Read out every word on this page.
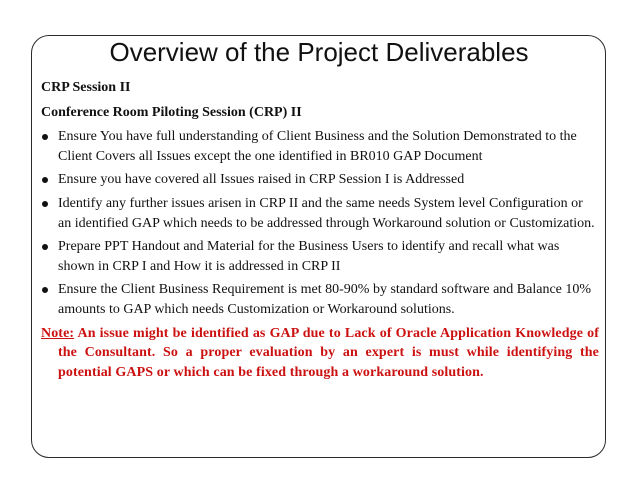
Overview of the Project Deliverables
CRP Session II
Conference Room Piloting Session (CRP) II
Ensure You have full understanding of Client Business and the Solution Demonstrated to the Client Covers all Issues except the one identified in BR010 GAP Document
Ensure you have covered all Issues raised in CRP Session I is Addressed
Identify any further issues arisen in CRP II and the same needs System level Configuration or an identified GAP which needs to be addressed through Workaround solution or Customization.
Prepare PPT Handout and Material for the Business Users to identify and recall what was shown in CRP I and How it is addressed in CRP II
Ensure the Client Business Requirement is met 80-90% by standard software and Balance 10% amounts to GAP which needs Customization or Workaround solutions.
Note: An issue might be identified as GAP due to Lack of Oracle Application Knowledge of the Consultant. So a proper evaluation by an expert is must while identifying the potential GAPS or which can be fixed through a workaround solution.
